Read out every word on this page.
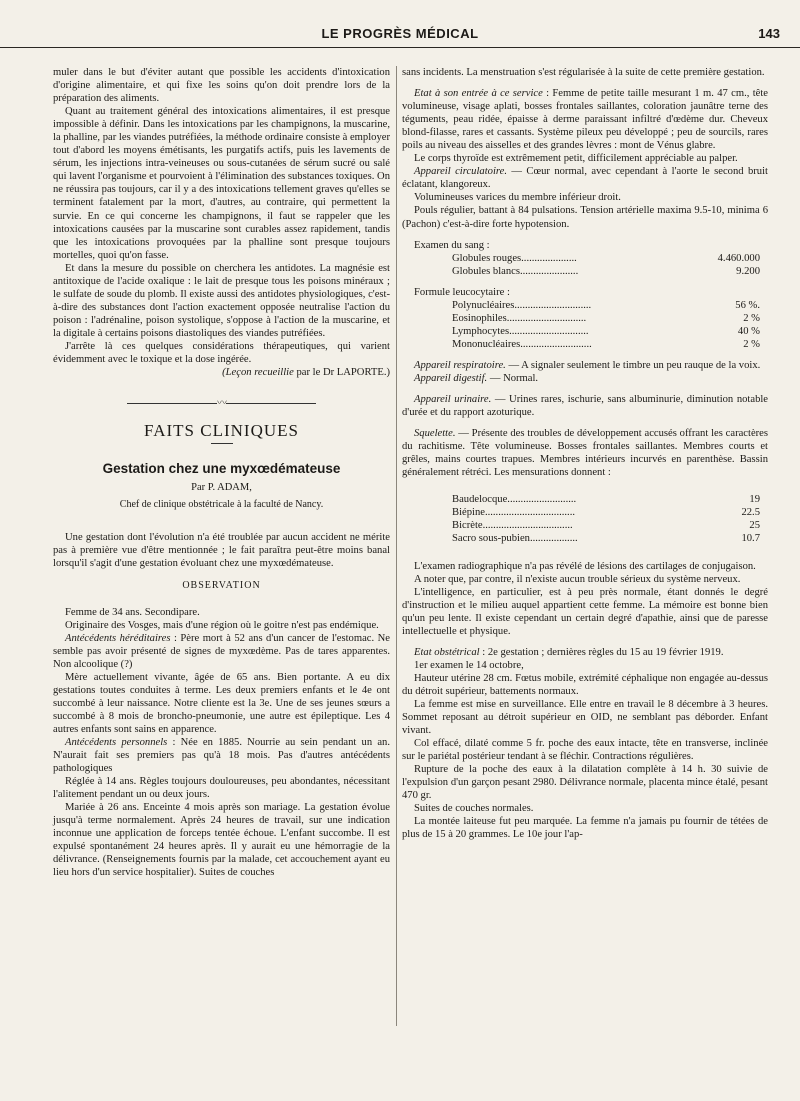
LE PROGRÈS MÉDICAL	143

muler dans le but d'éviter autant que possible les accidents d'intoxication d'origine alimentaire, et qui fixe les soins qu'on doit prendre lors de la préparation des aliments.

Quant au traitement général des intoxications alimentaires, il est presque impossible à définir. Dans les intoxications par les champignons, la muscarine, la phalline, par les viandes putréfiées, la méthode ordinaire consiste à employer tout d'abord les moyens émétisants, les purgatifs actifs, puis les lavements de sérum, les injections intra-veineuses ou sous-cutanées de sérum sucré ou salé qui lavent l'organisme et pourvoient à l'élimination des substances toxiques. On ne réussira pas toujours, car il y a des intoxications tellement graves qu'elles se terminent fatalement par la mort, d'autres, au contraire, qui permettent la survie. En ce qui concerne les champignons, il faut se rappeler que les intoxications causées par la muscarine sont curables assez rapidement, tandis que les intoxications provoquées par la phalline sont presque toujours mortelles, quoi qu'on fasse.

Et dans la mesure du possible on cherchera les antidotes. La magnésie est antitoxique de l'acide oxalique : le lait de presque tous les poisons minéraux ; le sulfate de soude du plomb. Il existe aussi des antidotes physiologiques, c'est-à-dire des substances dont l'action exactement opposée neutralise l'action du poison : l'adrénaline, poison systolique, s'oppose à l'action de la muscarine, et la digitale à certains poisons diastoliques des viandes putréfiées.

J'arrête là ces quelques considérations thérapeutiques, qui varient évidemment avec le toxique et la dose ingérée.

(Leçon recueillie par le Dr LAPORTE.)

〰
FAITS CLINIQUES
Gestation chez une myxœdémateuse
Par P. ADAM,
Chef de clinique obstétricale à la faculté de Nancy.

Une gestation dont l'évolution n'a été troublée par aucun accident ne mérite pas à première vue d'être mentionnée ; le fait paraîtra peut-être moins banal lorsqu'il s'agit d'une gestation évoluant chez une myxœdémateuse.

OBSERVATION

Femme de 34 ans. Secondipare.

Originaire des Vosges, mais d'une région où le goitre n'est pas endémique.

Antécédents héréditaires : Père mort à 52 ans d'un cancer de l'estomac. Ne semble pas avoir présenté de signes de myxœdème. Pas de tares apparentes. Non alcoolique (?)

Mère actuellement vivante, âgée de 65 ans. Bien portante. A eu dix gestations toutes conduites à terme. Les deux premiers enfants et le 4e ont succombé à leur naissance. Notre cliente est la 3e. Une de ses jeunes sœurs a succombé à 8 mois de broncho-pneumonie, une autre est épileptique. Les 4 autres enfants sont sains en apparence.

Antécédents personnels : Née en 1885. Nourrie au sein pendant un an. N'aurait fait ses premiers pas qu'à 18 mois. Pas d'autres antécédents pathologiques

Réglée à 14 ans. Règles toujours douloureuses, peu abondantes, nécessitant l'alitement pendant un ou deux jours.

Mariée à 26 ans. Enceinte 4 mois après son mariage. La gestation évolue jusqu'à terme normalement. Après 24 heures de travail, sur une indication inconnue une application de forceps tentée échoue. L'enfant succombe. Il est expulsé spontanément 24 heures après. Il y aurait eu une hémorragie de la délivrance. (Renseignements fournis par la malade, cet accouchement ayant eu lieu hors d'un service hospitalier). Suites de couches

sans incidents. La menstruation s'est régularisée à la suite de cette première gestation.

Etat à son entrée à ce service : Femme de petite taille mesurant 1 m. 47 cm., tête volumineuse, visage aplati, bosses frontales saillantes, coloration jaunâtre terne des téguments, peau ridée, épaisse à derme paraissant infiltré d'œdème dur. Cheveux blond-filasse, rares et cassants. Système pileux peu développé ; peu de sourcils, rares poils au niveau des aisselles et des grandes lèvres : mont de Vénus glabre.

Le corps thyroïde est extrêmement petit, difficilement appréciable au palper.

Appareil circulatoire. — Cœur normal, avec cependant à l'aorte le second bruit éclatant, klangoreux.

Volumineuses varices du membre inférieur droit.

Pouls régulier, battant à 84 pulsations. Tension artérielle maxima 9.5-10, minima 6 (Pachon) c'est-à-dire forte hypotension.

Examen du sang :

Globules rouges.....................	4.460.000
Globules blancs......................	9.200

Formule leucocytaire :

Polynucléaires.............................	56 %.
Eosinophiles..............................	2 %
Lymphocytes..............................	40 %
Mononucléaires...........................	2 %

Appareil respiratoire. — A signaler seulement le timbre un peu rauque de la voix.

Appareil digestif. — Normal.

Appareil urinaire. — Urines rares, ischurie, sans albuminurie, diminution notable d'urée et du rapport azoturique.

Squelette. — Présente des troubles de développement accusés offrant les caractères du rachitisme. Tête volumineuse. Bosses frontales saillantes. Membres courts et grêles, mains courtes trapues. Membres intérieurs incurvés en parenthèse. Bassin généralement rétréci. Les mensurations donnent :

Baudelocque..........................	19
Biépine..................................	22.5
Bicrète..................................	25
Sacro sous-pubien..................	10.7

L'examen radiographique n'a pas révélé de lésions des cartilages de conjugaison.

A noter que, par contre, il n'existe aucun trouble sérieux du système nerveux.

L'intelligence, en particulier, est à peu près normale, étant donnés le degré d'instruction et le milieu auquel appartient cette femme. La mémoire est bonne bien qu'un peu lente. Il existe cependant un certain degré d'apathie, ainsi que de paresse intellectuelle et physique.

Etat obstétrical : 2e gestation ; dernières règles du 15 au 19 février 1919.

1er examen le 14 octobre,

Hauteur utérine 28 cm. Fœtus mobile, extrémité céphalique non engagée au-dessus du détroit supérieur, battements normaux.

La femme est mise en surveillance. Elle entre en travail le 8 décembre à 3 heures. Sommet reposant au détroit supérieur en OID, ne semblant pas déborder. Enfant vivant.

Col effacé, dilaté comme 5 fr. poche des eaux intacte, tête en transverse, inclinée sur le pariétal postérieur tendant à se fléchir. Contractions régulières.

Rupture de la poche des eaux à la dilatation complète à 14 h. 30 suivie de l'expulsion d'un garçon pesant 2980. Délivrance normale, placenta mince étalé, pesant 470 gr.

Suites de couches normales.

La montée laiteuse fut peu marquée. La femme n'a jamais pu fournir de tétées de plus de 15 à 20 grammes. Le 10e jour l'ap-
